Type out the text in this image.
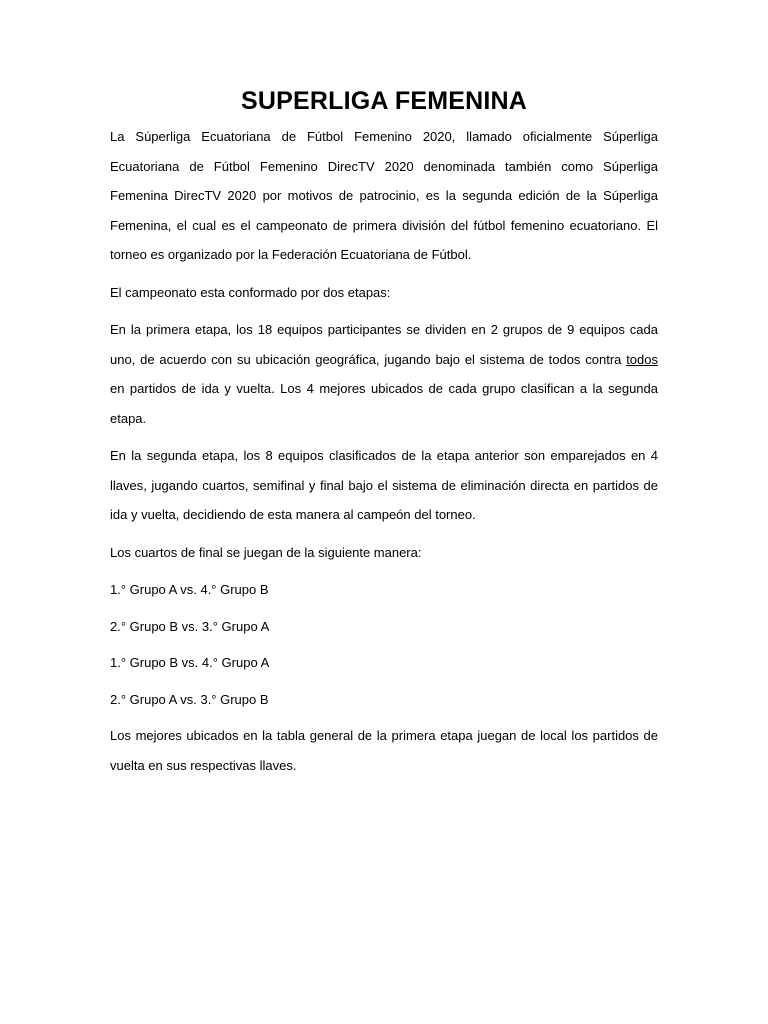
SUPERLIGA FEMENINA

La Súperliga Ecuatoriana de Fútbol Femenino 2020, llamado oficialmente Súperliga Ecuatoriana de Fútbol Femenino DirecTV 2020 denominada también como Súperliga Femenina DirecTV 2020 por motivos de patrocinio, es la segunda edición de la Súperliga Femenina, el cual es el campeonato de primera división del fútbol femenino ecuatoriano. El torneo es organizado por la Federación Ecuatoriana de Fútbol.

El campeonato esta conformado por dos etapas:

En la primera etapa, los 18 equipos participantes se dividen en 2 grupos de 9 equipos cada uno, de acuerdo con su ubicación geográfica, jugando bajo el sistema de todos contra todos en partidos de ida y vuelta. Los 4 mejores ubicados de cada grupo clasifican a la segunda etapa.

En la segunda etapa, los 8 equipos clasificados de la etapa anterior son emparejados en 4 llaves, jugando cuartos, semifinal y final bajo el sistema de eliminación directa en partidos de ida y vuelta, decidiendo de esta manera al campeón del torneo.

Los cuartos de final se juegan de la siguiente manera:

1.° Grupo A vs. 4.° Grupo B

2.° Grupo B vs. 3.° Grupo A

1.° Grupo B vs. 4.° Grupo A

2.° Grupo A vs. 3.° Grupo B

Los mejores ubicados en la tabla general de la primera etapa juegan de local los partidos de vuelta en sus respectivas llaves.
